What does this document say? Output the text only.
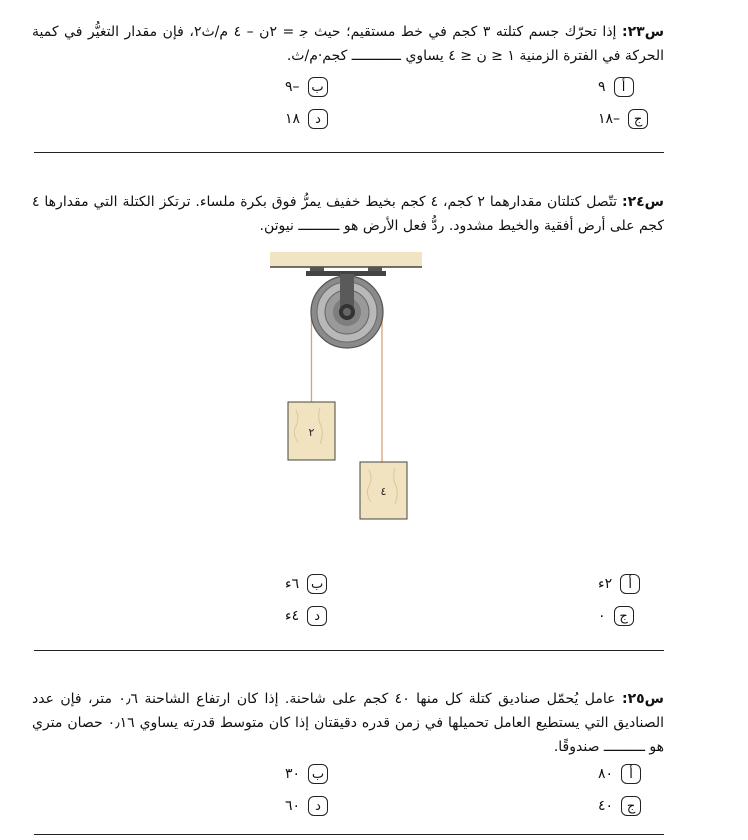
س٢٣: إذا تحرّك جسم كتلته ٣ كجم في خط مستقيم؛ حيث ﺟ = ٢ن – ٤ م/ث٢، فإن مقدار التغيُّر في كمية الحركة في الفترة الزمنية ١ ≤ ن ≤ ٤ يساوي ــــــــــــ كجم·م/ث.
أ
٩
ب
–٩
ج
–١٨
د
١٨
س٢٤: تتّصل كتلتان مقدارهما ٢ كجم، ٤ كجم بخيط خفيف يمرُّ فوق بكرة ملساء. ترتكز الكتلة التي مقدارها ٤ كجم على أرض أفقية والخيط مشدود. ردُّ فعل الأرض هو ــــــــــ نيوتن.
٢
٤
أ
٢ء
ب
٦ء
ج
٠
د
٤ء
س٢٥: عامل يُحمّل صناديق كتلة كل منها ٤٠ كجم على شاحنة. إذا كان ارتفاع الشاحنة ٠٫٦ متر، فإن عدد الصناديق التي يستطيع العامل تحميلها في زمن قدره دقيقتان إذا كان متوسط قدرته يساوي ٠٫١٦ حصان متري هو ــــــــــ صندوقًا.
أ
٨٠
ب
٣٠
ج
٤٠
د
٦٠
